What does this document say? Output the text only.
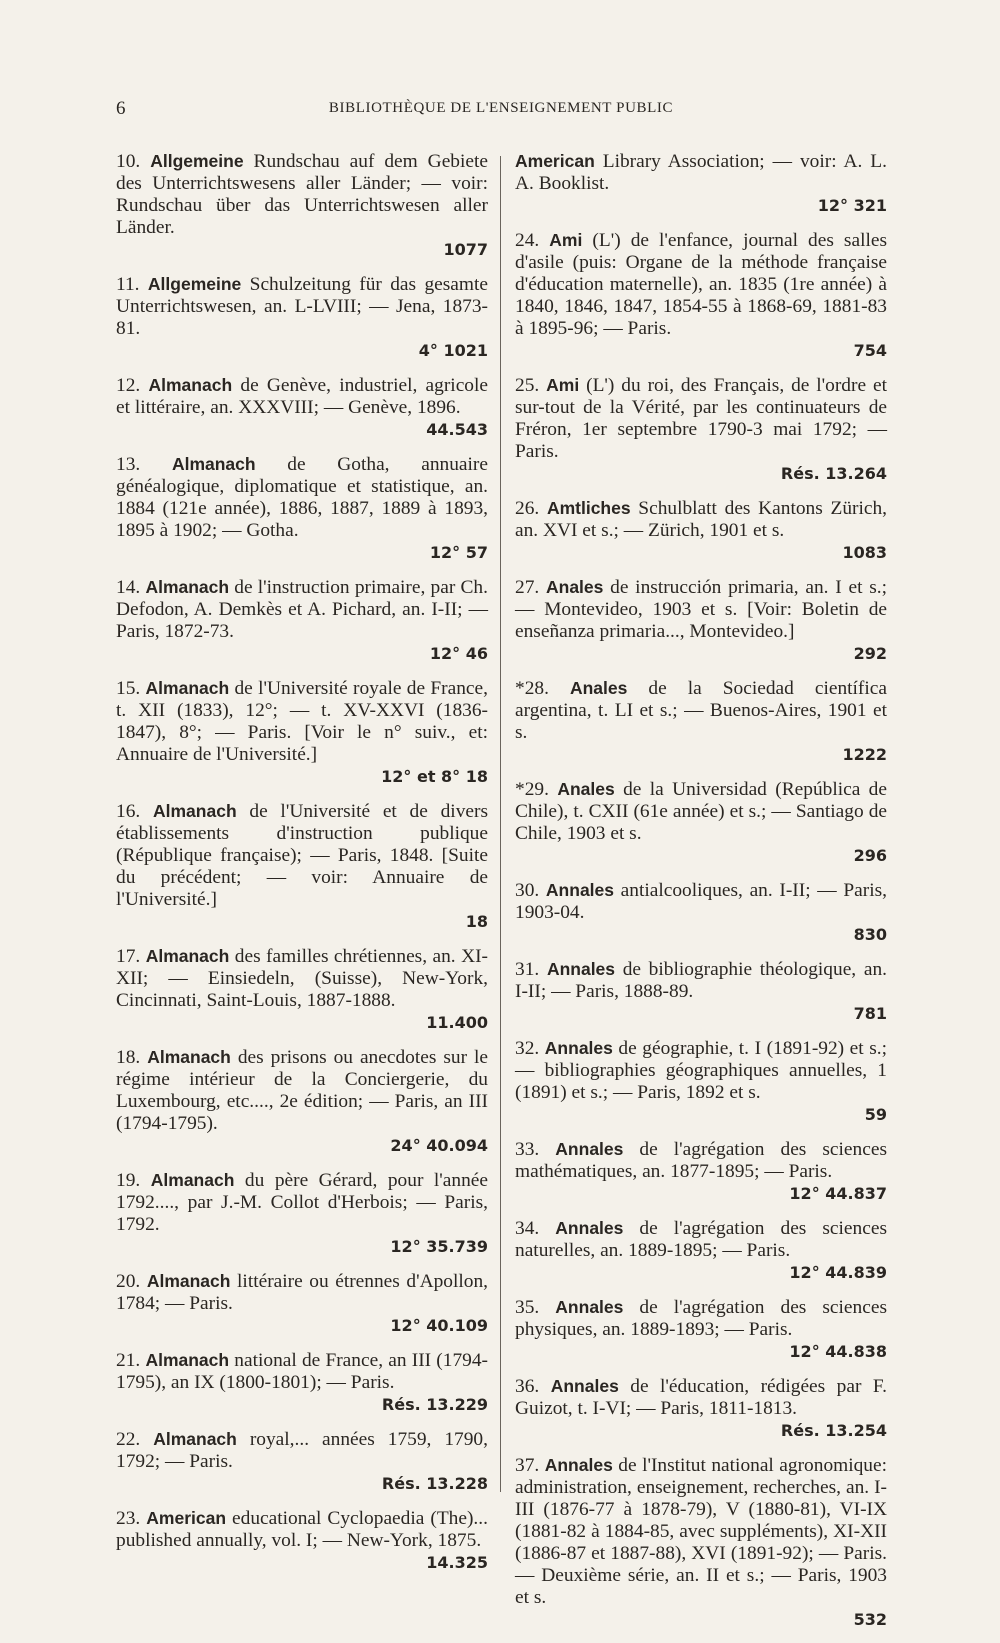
6	BIBLIOTHÈQUE DE L'ENSEIGNEMENT PUBLIC
10. Allgemeine Rundschau auf dem Gebiete des Unterrichtswesens aller Länder; — voir: Rundschau über das Unterrichtswesen aller Länder.
1077
11. Allgemeine Schulzeitung für das gesamte Unterrichtswesen, an. L-LVIII; — Jena, 1873-81.
4° 1021
12. Almanach de Genève, industriel, agricole et littéraire, an. XXXVIII; — Genève, 1896.
44.543
13. Almanach de Gotha, annuaire généalogique, diplomatique et statistique, an. 1884 (121e année), 1886, 1887, 1889 à 1893, 1895 à 1902; — Gotha.
12° 57
14. Almanach de l'instruction primaire, par Ch. Defodon, A. Demkès et A. Pichard, an. I-II; — Paris, 1872-73.
12° 46
15. Almanach de l'Université royale de France, t. XII (1833), 12°; — t. XV-XXVI (1836-1847), 8°; — Paris. [Voir le n° suiv., et: Annuaire de l'Université.]
12° et 8° 18
16. Almanach de l'Université et de divers établissements d'instruction publique (République française); — Paris, 1848. [Suite du précédent; — voir: Annuaire de l'Université.]
18
17. Almanach des familles chrétiennes, an. XI-XII; — Einsiedeln, (Suisse), New-York, Cincinnati, Saint-Louis, 1887-1888.
11.400
18. Almanach des prisons ou anecdotes sur le régime intérieur de la Conciergerie, du Luxembourg, etc...., 2e édition; — Paris, an III (1794-1795).
24° 40.094
19. Almanach du père Gérard, pour l'année 1792...., par J.-M. Collot d'Herbois; — Paris, 1792.
12° 35.739
20. Almanach littéraire ou étrennes d'Apollon, 1784; — Paris.
12° 40.109
21. Almanach national de France, an III (1794-1795), an IX (1800-1801); — Paris.
Rés. 13.229
22. Almanach royal,... années 1759, 1790, 1792; — Paris.
Rés. 13.228
23. American educational Cyclopaedia (The)... published annually, vol. I; — New-York, 1875.
14.325
American Library Association; — voir: A. L. A. Booklist.
12° 321
24. Ami (L') de l'enfance, journal des salles d'asile (puis: Organe de la méthode française d'éducation maternelle), an. 1835 (1re année) à 1840, 1846, 1847, 1854-55 à 1868-69, 1881-83 à 1895-96; — Paris.
754
25. Ami (L') du roi, des Français, de l'ordre et sur-tout de la Vérité, par les continuateurs de Fréron, 1er septembre 1790-3 mai 1792; — Paris.
Rés. 13.264
26. Amtliches Schulblatt des Kantons Zürich, an. XVI et s.; — Zürich, 1901 et s.
1083
27. Anales de instrucción primaria, an. I et s.; — Montevideo, 1903 et s. [Voir: Boletin de enseñanza primaria..., Montevideo.]
292
*28. Anales de la Sociedad científica argentina, t. LI et s.; — Buenos-Aires, 1901 et s.
1222
*29. Anales de la Universidad (República de Chile), t. CXII (61e année) et s.; — Santiago de Chile, 1903 et s.
296
30. Annales antialcooliques, an. I-II; — Paris, 1903-04.
830
31. Annales de bibliographie théologique, an. I-II; — Paris, 1888-89.
781
32. Annales de géographie, t. I (1891-92) et s.; — bibliographies géographiques annuelles, 1 (1891) et s.; — Paris, 1892 et s.
59
33. Annales de l'agrégation des sciences mathématiques, an. 1877-1895; — Paris.
12° 44.837
34. Annales de l'agrégation des sciences naturelles, an. 1889-1895; — Paris.
12° 44.839
35. Annales de l'agrégation des sciences physiques, an. 1889-1893; — Paris.
12° 44.838
36. Annales de l'éducation, rédigées par F. Guizot, t. I-VI; — Paris, 1811-1813.
Rés. 13.254
37. Annales de l'Institut national agronomique: administration, enseignement, recherches, an. I-III (1876-77 à 1878-79), V (1880-81), VI-IX (1881-82 à 1884-85, avec suppléments), XI-XII (1886-87 et 1887-88), XVI (1891-92); — Paris. — Deuxième série, an. II et s.; — Paris, 1903 et s.
532
